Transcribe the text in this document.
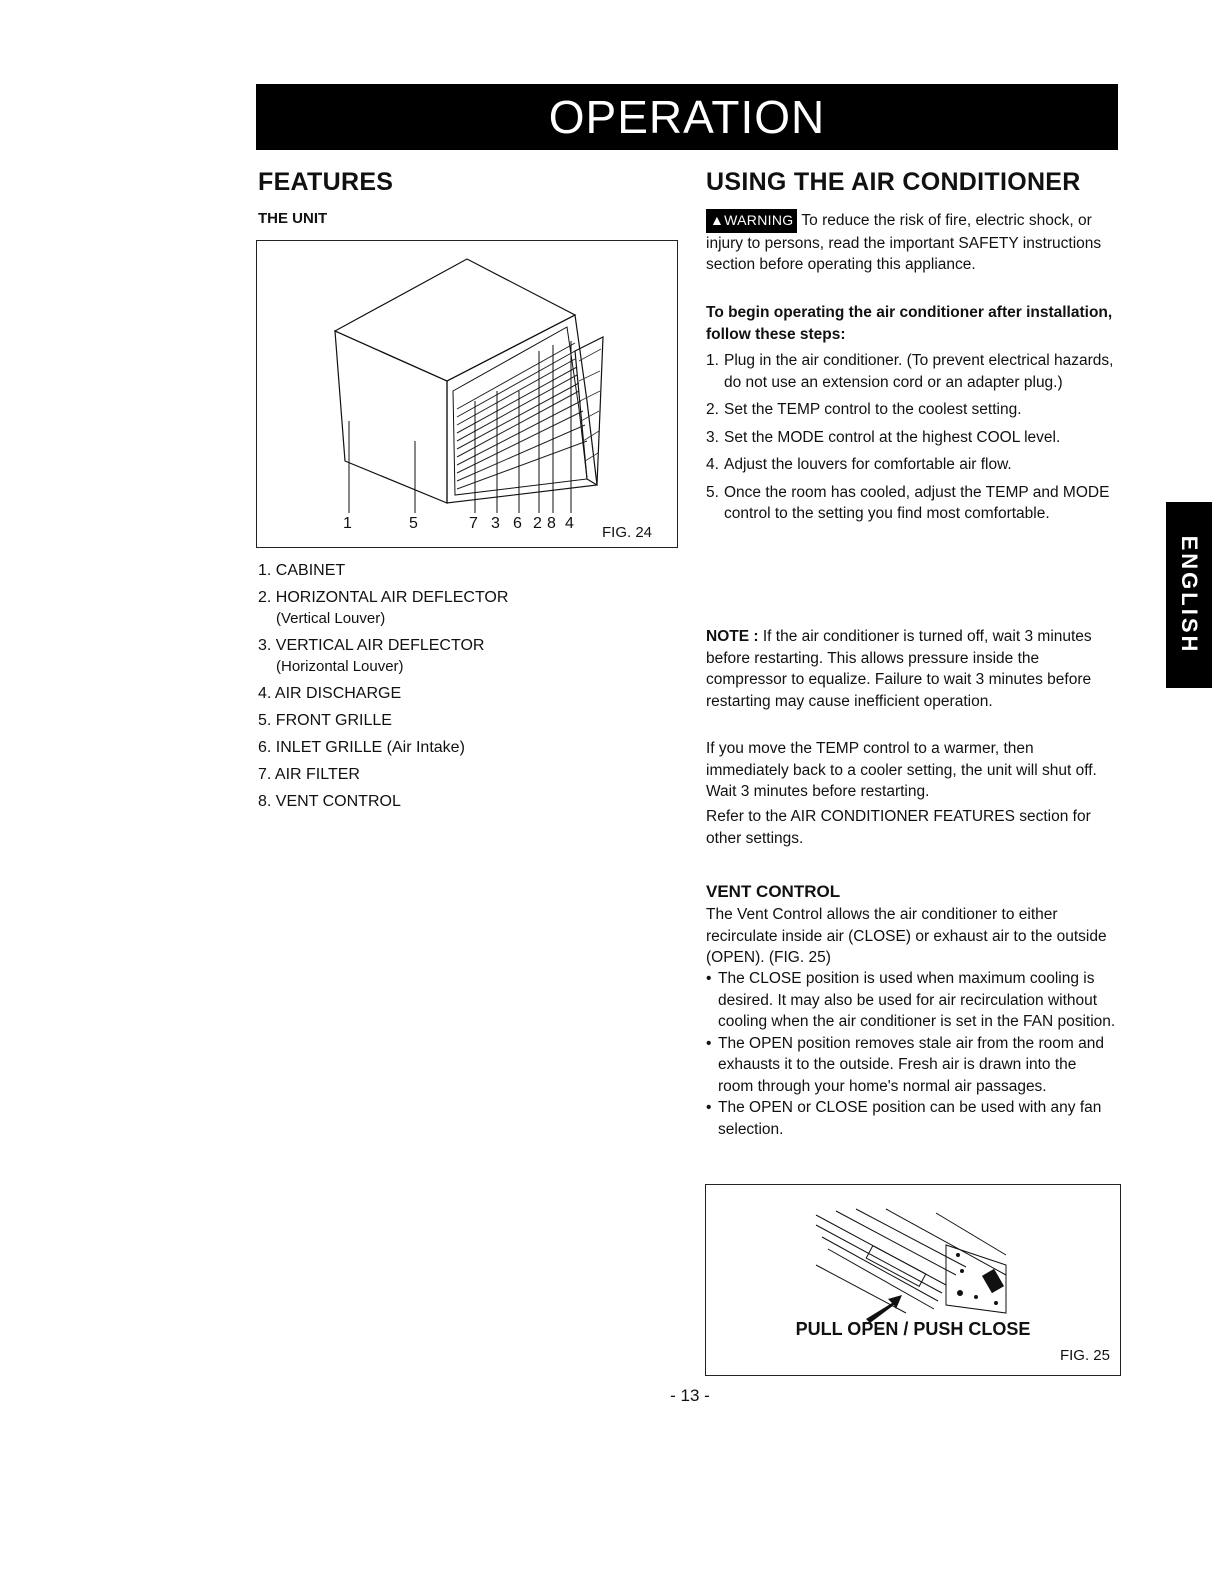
OPERATION
FEATURES
THE UNIT
1	5	7 3 6 2 8 4
FIG. 24
1. CABINET
2. HORIZONTAL AIR DEFLECTOR
(Vertical Louver)
3. VERTICAL AIR DEFLECTOR
(Horizontal Louver)
4. AIR DISCHARGE
5. FRONT GRILLE
6. INLET GRILLE (Air Intake)
7. AIR FILTER
8. VENT CONTROL
USING THE AIR CONDITIONER
▲WARNING To reduce the risk of fire, electric shock, or injury to persons, read the important SAFETY instructions section before operating this appliance.
To begin operating the air conditioner after installation, follow these steps:
1. Plug in the air conditioner. (To prevent electrical hazards, do not use an extension cord or an adapter plug.)
2. Set the TEMP control to the coolest setting.
3. Set the MODE control at the highest COOL level.
4. Adjust the louvers for comfortable air flow.
5. Once the room has cooled, adjust the TEMP and MODE control to the setting you find most comfortable.
NOTE : If the air conditioner is turned off, wait 3 minutes before restarting. This allows pressure inside the compressor to equalize. Failure to wait 3 minutes before restarting may cause inefficient operation.
If you move the TEMP control to a warmer, then immediately back to a cooler setting, the unit will shut off. Wait 3 minutes before restarting.
Refer to the AIR CONDITIONER FEATURES section for other settings.
VENT CONTROL
The Vent Control allows the air conditioner to either recirculate inside air (CLOSE) or exhaust air to the outside (OPEN). (FIG. 25)
• The CLOSE position is used when maximum cooling is desired. It may also be used for air recirculation without cooling when the air conditioner is set in the FAN position.
• The OPEN position removes stale air from the room and exhausts it to the outside. Fresh air is drawn into the room through your home's normal air passages.
• The OPEN or CLOSE position can be used with any fan selection.
PULL OPEN / PUSH CLOSE
FIG. 25
- 13 -
ENGLISH
